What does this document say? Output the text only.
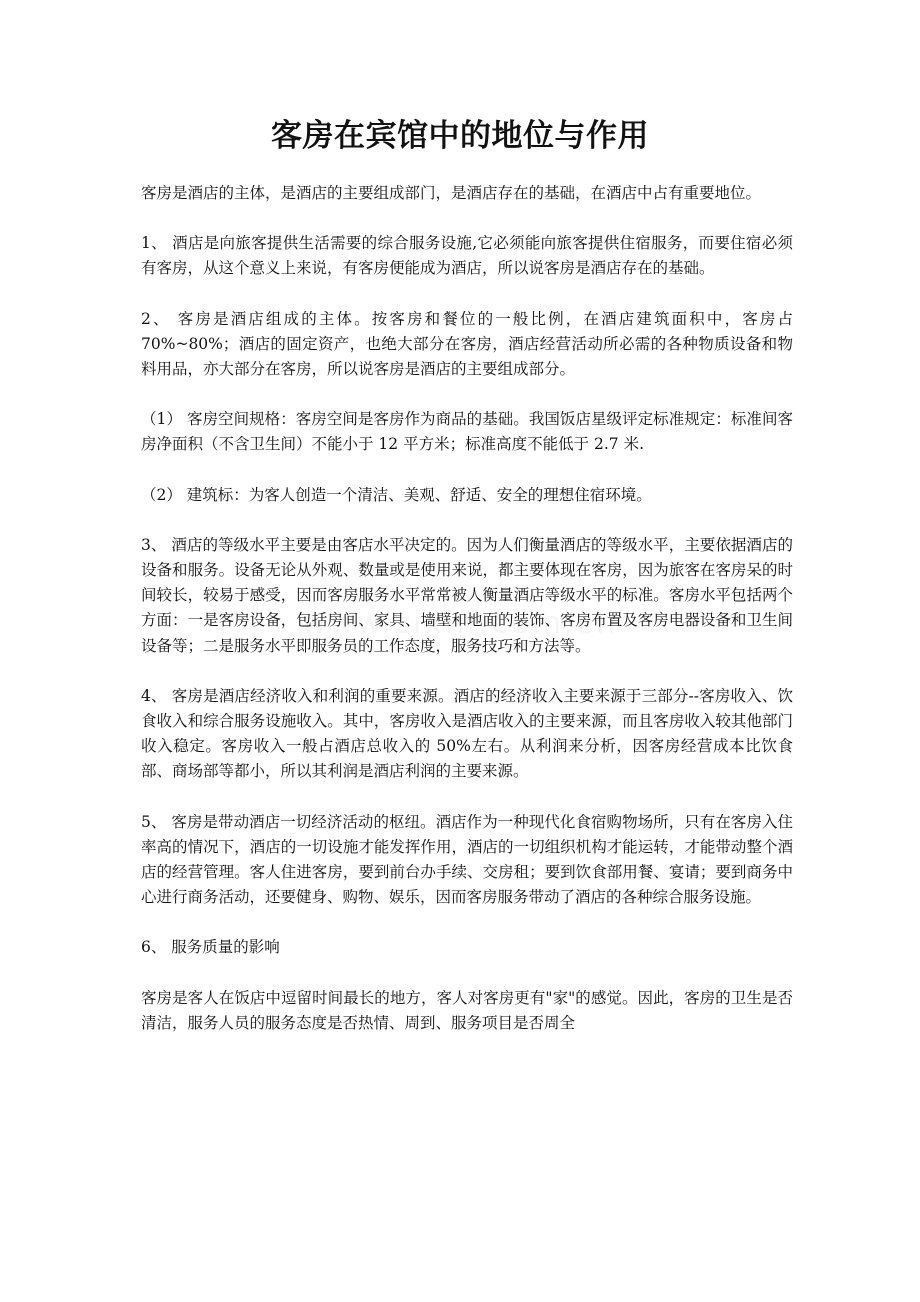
客房在宾馆中的地位与作用

客房是酒店的主体，是酒店的主要组成部门，是酒店存在的基础，在酒店中占有重要地位。

1、 酒店是向旅客提供生活需要的综合服务设施,它必须能向旅客提供住宿服务，而要住宿必须有客房，从这个意义上来说，有客房便能成为酒店，所以说客房是酒店存在的基础。

2、 客房是酒店组成的主体。按客房和餐位的一般比例，在酒店建筑面积中，客房占 70%~80%；酒店的固定资产，也绝大部分在客房，酒店经营活动所必需的各种物质设备和物料用品，亦大部分在客房，所以说客房是酒店的主要组成部分。

（1） 客房空间规格：客房空间是客房作为商品的基础。我国饭店星级评定标准规定：标准间客房净面积（不含卫生间）不能小于 12 平方米；标准高度不能低于 2.7 米.

（2） 建筑标：为客人创造一个清洁、美观、舒适、安全的理想住宿环境。

3、 酒店的等级水平主要是由客店水平决定的。因为人们衡量酒店的等级水平，主要依据酒店的设备和服务。设备无论从外观、数量或是使用来说，都主要体现在客房，因为旅客在客房呆的时间较长，较易于感受，因而客房服务水平常常被人衡量酒店等级水平的标准。客房水平包括两个方面：一是客房设备，包括房间、家具、墙壁和地面的装饰、客房布置及客房电器设备和卫生间设备等；二是服务水平即服务员的工作态度，服务技巧和方法等。

4、 客房是酒店经济收入和利润的重要来源。酒店的经济收入主要来源于三部分--客房收入、饮食收入和综合服务设施收入。其中，客房收入是酒店收入的主要来源，而且客房收入较其他部门收入稳定。客房收入一般占酒店总收入的 50%左右。从利润来分析，因客房经营成本比饮食部、商场部等都小，所以其利润是酒店利润的主要来源。

5、 客房是带动酒店一切经济活动的枢纽。酒店作为一种现代化食宿购物场所，只有在客房入住率高的情况下，酒店的一切设施才能发挥作用，酒店的一切组织机构才能运转，才能带动整个酒店的经营管理。客人住进客房，要到前台办手续、交房租；要到饮食部用餐、宴请；要到商务中心进行商务活动，还要健身、购物、娱乐，因而客房服务带动了酒店的各种综合服务设施。

6、 服务质量的影响

客房是客人在饭店中逗留时间最长的地方，客人对客房更有"家"的感觉。因此，客房的卫生是否清洁，服务人员的服务态度是否热情、周到、服务项目是否周全
